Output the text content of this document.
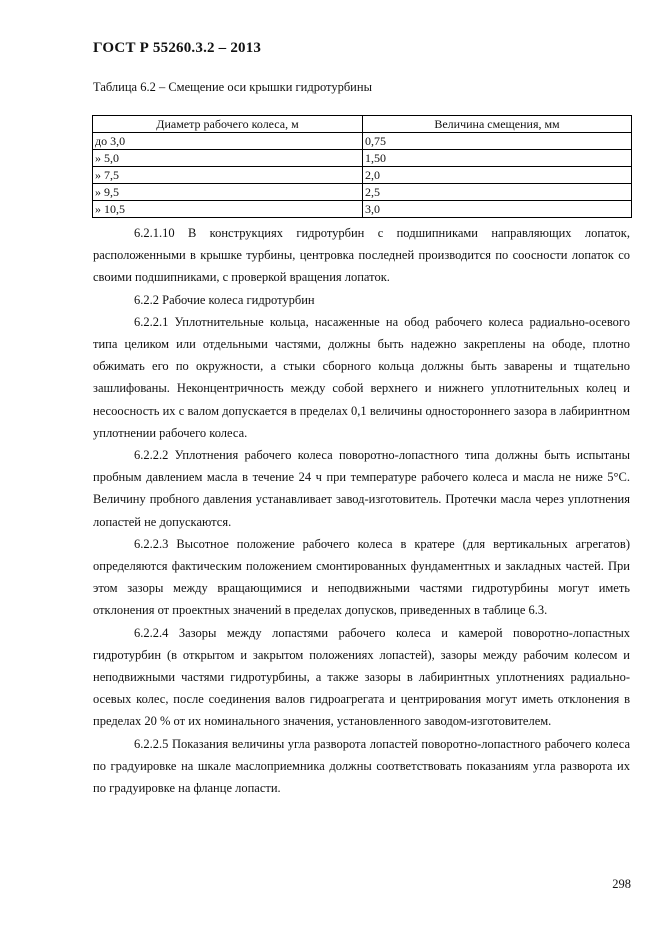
ГОСТ Р 55260.3.2 – 2013
Таблица 6.2 – Смещение оси крышки гидротурбины
Диаметр рабочего колеса, м	Величина смещения, мм
до 3,0	0,75
» 5,0	1,50
» 7,5	2,0
» 9,5	2,5
» 10,5	3,0

6.2.1.10 В конструкциях гидротурбин с подшипниками направляющих лопаток, расположенными в крышке турбины, центровка последней производится по соосности лопаток со своими подшипниками, с проверкой вращения лопаток.

6.2.2 Рабочие колеса гидротурбин

6.2.2.1 Уплотнительные кольца, насаженные на обод рабочего колеса радиально-осевого типа целиком или отдельными частями, должны быть надежно закреплены на ободе, плотно обжимать его по окружности, а стыки сборного кольца должны быть заварены и тщательно зашлифованы. Неконцентричность между собой верхнего и нижнего уплотнительных колец и несоосность их с валом допускается в пределах 0,1 величины одностороннего зазора в лабиринтном уплотнении рабочего колеса.

6.2.2.2 Уплотнения рабочего колеса поворотно-лопастного типа должны быть испытаны пробным давлением масла в течение 24 ч при температуре рабочего колеса и масла не ниже 5°С. Величину пробного давления устанавливает завод-изготовитель. Протечки масла через уплотнения лопастей не допускаются.

6.2.2.3 Высотное положение рабочего колеса в кратере (для вертикальных агрегатов) определяются фактическим положением смонтированных фундаментных и закладных частей. При этом зазоры между вращающимися и неподвижными частями гидротурбины могут иметь отклонения от проектных значений в пределах допусков, приведенных в таблице 6.3.

6.2.2.4 Зазоры между лопастями рабочего колеса и камерой поворотно-лопастных гидротурбин (в открытом и закрытом положениях лопастей), зазоры между рабочим колесом и неподвижными частями гидротурбины, а также зазоры в лабиринтных уплотнениях радиально-осевых колес, после соединения валов гидроагрегата и центрирования могут иметь отклонения в пределах 20 % от их номинального значения, установленного заводом-изготовителем.

6.2.2.5 Показания величины угла разворота лопастей поворотно-лопастного рабочего колеса по градуировке на шкале маслоприемника должны соответствовать показаниям угла разворота их по градуировке на фланце лопасти.

298
